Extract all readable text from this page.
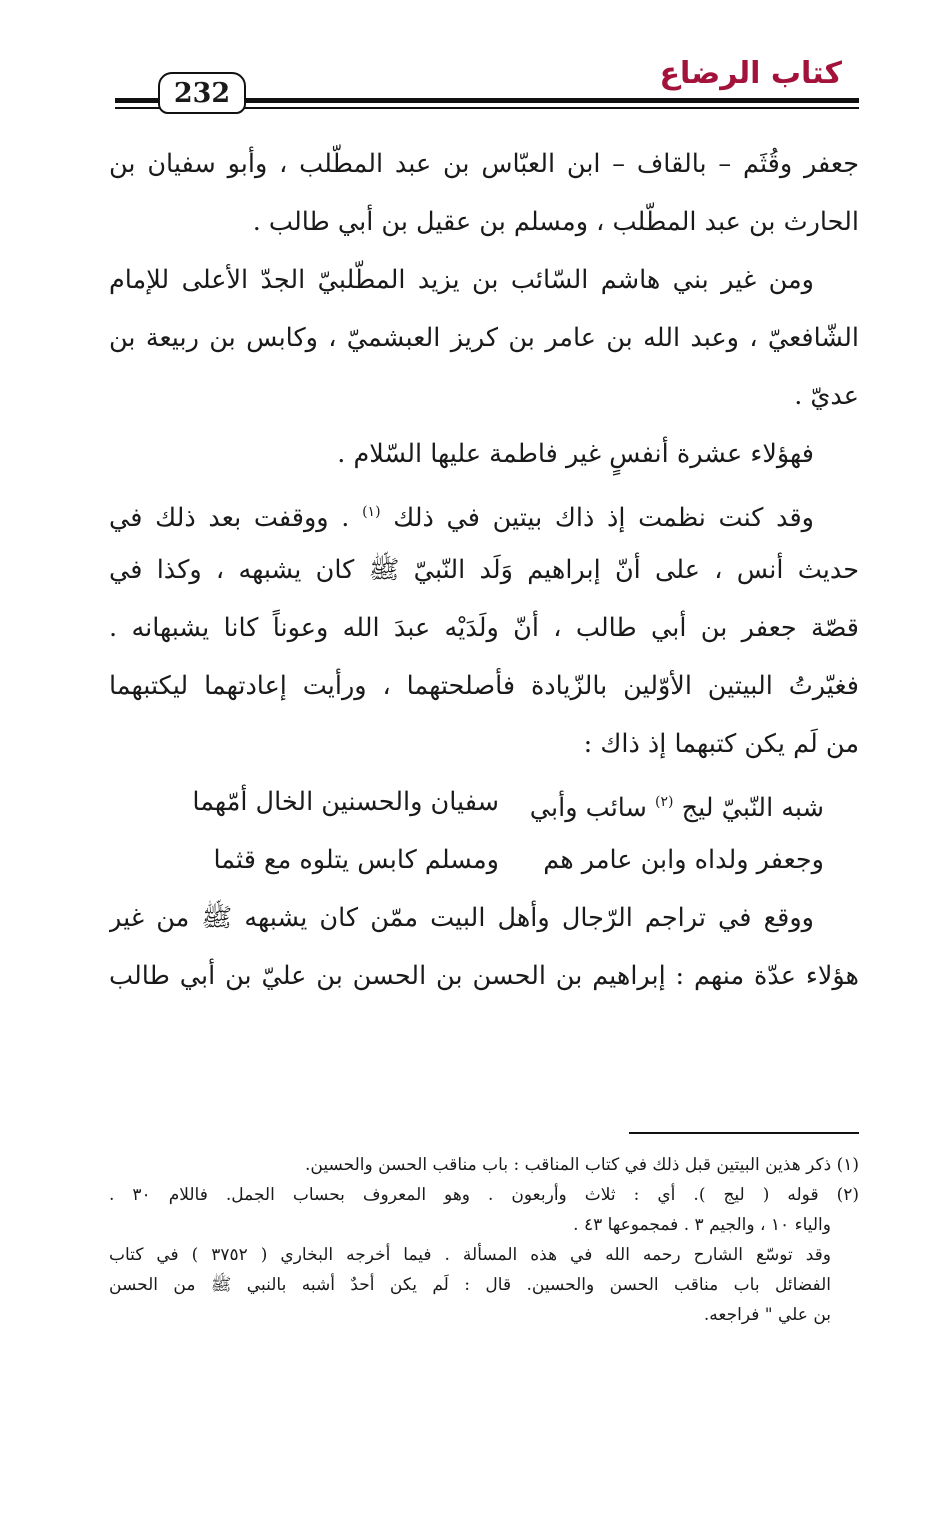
كتاب الرضاع
232
جعفر وقُثَم – بالقاف – ابن العبّاس بن عبد المطّلب ، وأبو سفيان بن
الحارث بن عبد المطّلب ، ومسلم بن عقيل بن أبي طالب .
ومن غير بني هاشم السّائب بن يزيد المطّلبيّ الجدّ الأعلى للإمام
الشّافعيّ ، وعبد الله بن عامر بن كريز العبشميّ ، وكابس بن ربيعة بن
عديّ .
فهؤلاء عشرة أنفسٍ غير فاطمة عليها السّلام .
وقد كنت نظمت إذ ذاك بيتين في ذلك $^{(١)}$ . ووقفت بعد ذلك في
حديث أنس ، على أنّ إبراهيم وَلَد النّبيّ ﷺ كان يشبهه ، وكذا في
قصّة جعفر بن أبي طالب ، أنّ ولَدَيْه عبدَ الله وعوناً كانا يشبهانه .
فغيّرتُ البيتين الأوّلين بالزّيادة فأصلحتهما ، ورأيت إعادتهما ليكتبهما
من لَم يكن كتبهما إذ ذاك :
شبه النّبيّ ليج $^{(٢)}$ سائب وأبي
سفيان والحسنين الخال أمّهما
وجعفر ولداه وابن عامر هم
ومسلم كابس يتلوه مع قثما
ووقع في تراجم الرّجال وأهل البيت ممّن كان يشبهه ﷺ من غير
هؤلاء عدّة منهم : إبراهيم بن الحسن بن الحسن بن عليّ بن أبي طالب
(١) ذكر هذين البيتين قبل ذلك في كتاب المناقب : باب مناقب الحسن والحسين.
(٢) قوله ( ليج ). أي : ثلاث وأربعون . وهو المعروف بحساب الجمل. فاللام ٣٠ .
والياء ١٠ ، والجيم ٣ . فمجموعها ٤٣ .
وقد توسّع الشارح رحمه الله في هذه المسألة . فيما أخرجه البخاري ( ٣٧٥٢ ) في كتاب
الفضائل باب مناقب الحسن والحسين. قال : لَم يكن أحدٌ أشبه بالنبي ﷺ من الحسن
بن علي " فراجعه.
